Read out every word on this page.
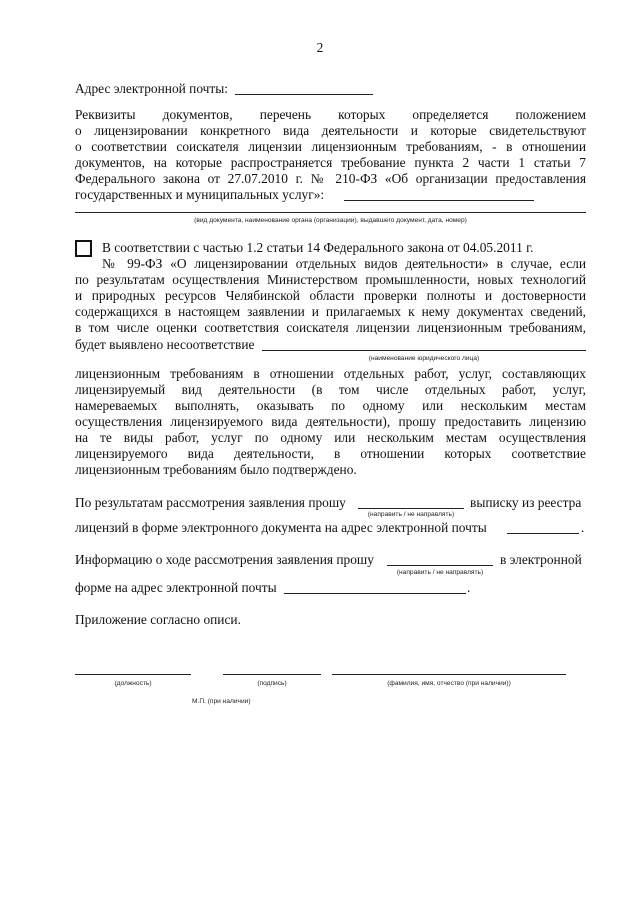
2
Адрес электронной почты:
Реквизиты документов, перечень которых определяется положением
о лицензировании конкретного вида деятельности и которые свидетельствуют
о соответствии соискателя лицензии лицензионным требованиям, - в отношении
документов, на которые распространяется требование пункта 2 части 1 статьи 7
Федерального закона от 27.07.2010 г. № 210-ФЗ «Об организации предоставления
государственных и муниципальных услуг»:
(вид документа, наименование органа (организации), выдавшего документ, дата, номер)
В соответствии с частью 1.2 статьи 14 Федерального закона от 04.05.2011 г.
№ 99-ФЗ «О лицензировании отдельных видов деятельности» в случае, если
по результатам осуществления Министерством промышленности, новых технологий
и природных ресурсов Челябинской области проверки полноты и достоверности
содержащихся в настоящем заявлении и прилагаемых к нему документах сведений,
в том числе оценки соответствия соискателя лицензии лицензионным требованиям,
будет выявлено несоответствие
(наименование юридического лица)
лицензионным требованиям в отношении отдельных работ, услуг, составляющих
лицензируемый вид деятельности (в том числе отдельных работ, услуг,
намереваемых выполнять, оказывать по одному или нескольким местам
осуществления лицензируемого вида деятельности), прошу предоставить лицензию
на те виды работ, услуг по одному или нескольким местам осуществления
лицензируемого вида деятельности, в отношении которых соответствие
лицензионным требованиям было подтверждено.
По результатам рассмотрения заявления прошу	выписку из реестра
(направить / не направлять)
лицензий в форме электронного документа на адрес электронной почты	.
Информацию о ходе рассмотрения заявления прошу	в электронной
(направить / не направлять)
форме на адрес электронной почты	.
Приложение согласно описи.
(должность)	(подпись)	(фамилия, имя, отчество (при наличии))
М.П. (при наличии)
